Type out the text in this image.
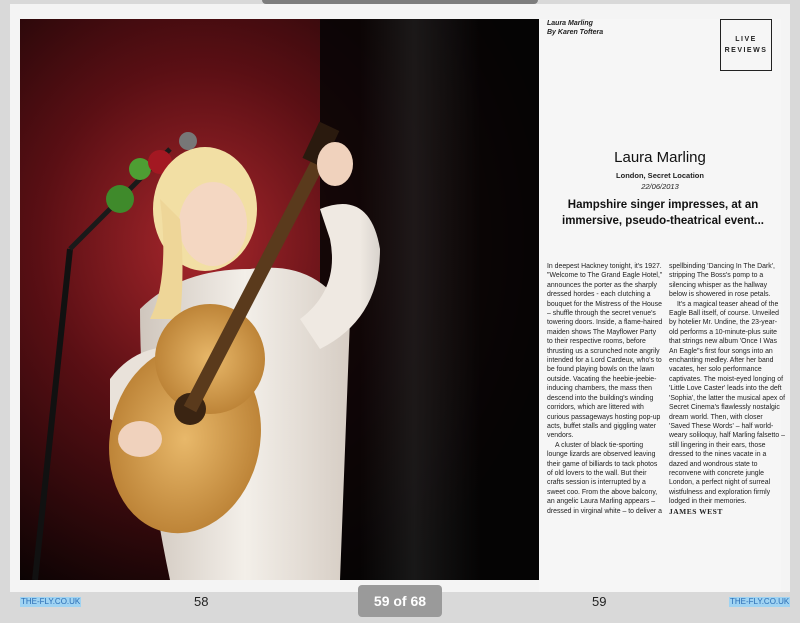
Laura Marling
By Karen Toftera
LIVE
REVIEWS
Laura Marling
London, Secret Location
22/06/2013
Hampshire singer impresses, at an immersive, pseudo-theatrical event...

In deepest Hackney tonight, it's 1927. "Welcome to The Grand Eagle Hotel," announces the porter as the sharply dressed hordes - each clutching a bouquet for the Mistress of the House – shuffle through the secret venue's towering doors. Inside, a flame-haired maiden shows The Mayflower Party to their respective rooms, before thrusting us a scrunched note angrily intended for a Lord Cardeux, who's to be found playing bowls on the lawn outside. Vacating the heebie-jeebie-inducing chambers, the mass then descend into the building's winding corridors, which are littered with curious passageways hosting pop-up acts, buffet stalls and giggling water vendors.

A cluster of black tie-sporting lounge lizards are observed leaving their game of billiards to tack photos of old lovers to the wall. But their crafts session is interrupted by a sweet coo. From the above balcony, an angelic Laura Marling appears – dressed in virginal white – to deliver a

spellbinding 'Dancing In The Dark', stripping The Boss's pomp to a silencing whisper as the hallway below is showered in rose petals.

It's a magical teaser ahead of the Eagle Ball itself, of course. Unveiled by hotelier Mr. Undine, the 23-year-old performs a 10-minute-plus suite that strings new album 'Once I Was An Eagle''s first four songs into an enchanting medley. After her band vacates, her solo performance captivates. The moist-eyed longing of 'Little Love Caster' leads into the deft 'Sophia', the latter the musical apex of Secret Cinema's flawlessly nostalgic dream world. Then, with closer 'Saved These Words' – half world-weary soliloquy, half Marling falsetto – still lingering in their ears, those dressed to the nines vacate in a dazed and wondrous state to reconvene with concrete jungle London, a perfect night of surreal wistfulness and exploration firmly lodged in their memories.

JAMES WEST
THE-FLY.CO.UK	58	59 of 68	59	THE-FLY.CO.UK
